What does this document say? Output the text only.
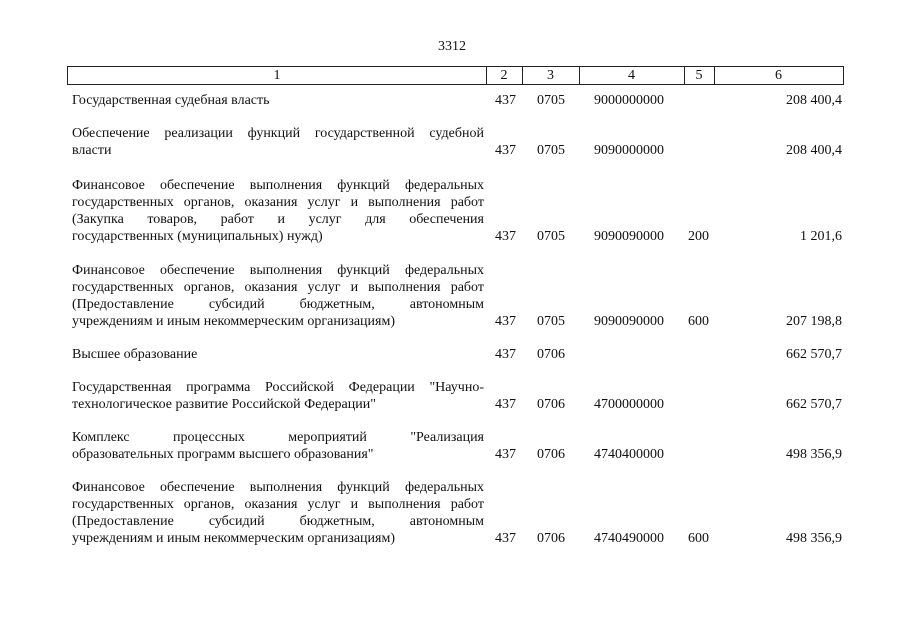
3312
1	2	3	4	5	6
Государственная судебная власть	437 0705 9000000000	208 400,4
Обеспечение реализации функций государственной судебной
власти	437 0705 9090000000	208 400,4
Финансовое обеспечение выполнения функций федеральных
государственных органов, оказания услуг и выполнения работ
(Закупка товаров, работ и услуг для обеспечения
государственных (муниципальных) нужд)	437 0705 9090090000 200	1 201,6
Финансовое обеспечение выполнения функций федеральных
государственных органов, оказания услуг и выполнения работ
(Предоставление субсидий бюджетным, автономным
учреждениям и иным некоммерческим организациям)	437 0705 9090090000 600	207 198,8
Высшее образование	437 0706	662 570,7
Государственная программа Российской Федерации "Научно-
технологическое развитие Российской Федерации"	437 0706 4700000000	662 570,7
Комплекс процессных мероприятий "Реализация
образовательных программ высшего образования"	437 0706 4740400000	498 356,9
Финансовое обеспечение выполнения функций федеральных
государственных органов, оказания услуг и выполнения работ
(Предоставление субсидий бюджетным, автономным
учреждениям и иным некоммерческим организациям)	437 0706 4740490000 600	498 356,9
